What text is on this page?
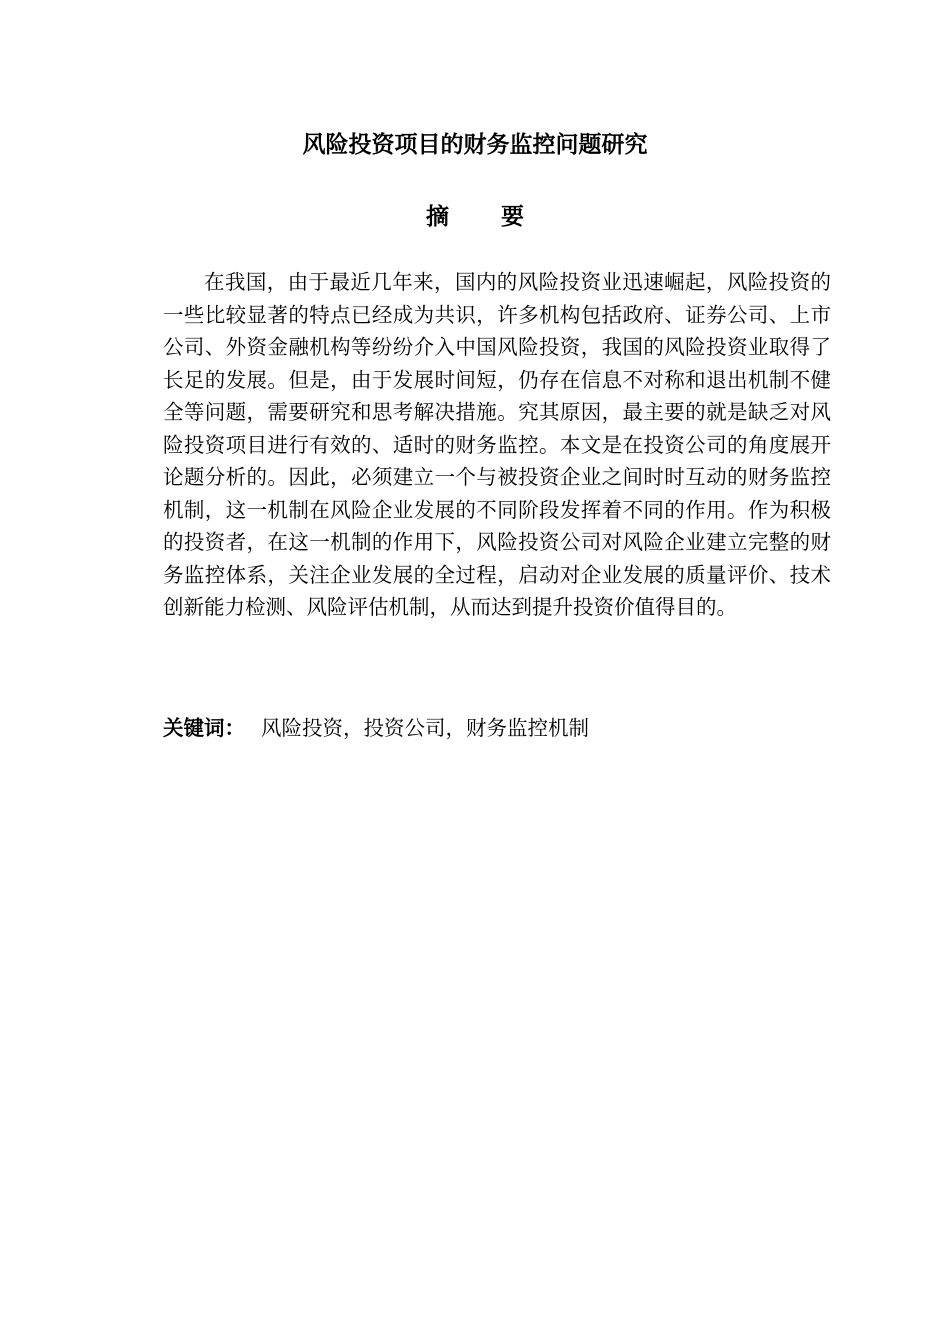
风险投资项目的财务监控问题研究
摘要

在我国，由于最近几年来，国内的风险投资业迅速崛起，风险投资的一些比较显著的特点已经成为共识，许多机构包括政府、证券公司、上市公司、外资金融机构等纷纷介入中国风险投资，我国的风险投资业取得了长足的发展。但是，由于发展时间短，仍存在信息不对称和退出机制不健全等问题，需要研究和思考解决措施。究其原因，最主要的就是缺乏对风险投资项目进行有效的、适时的财务监控。本文是在投资公司的角度展开论题分析的。因此，必须建立一个与被投资企业之间时时互动的财务监控机制，这一机制在风险企业发展的不同阶段发挥着不同的作用。作为积极的投资者，在这一机制的作用下，风险投资公司对风险企业建立完整的财务监控体系，关注企业发展的全过程，启动对企业发展的质量评价、技术创新能力检测、风险评估机制，从而达到提升投资价值得目的。

关键词： 风险投资，投资公司，财务监控机制
